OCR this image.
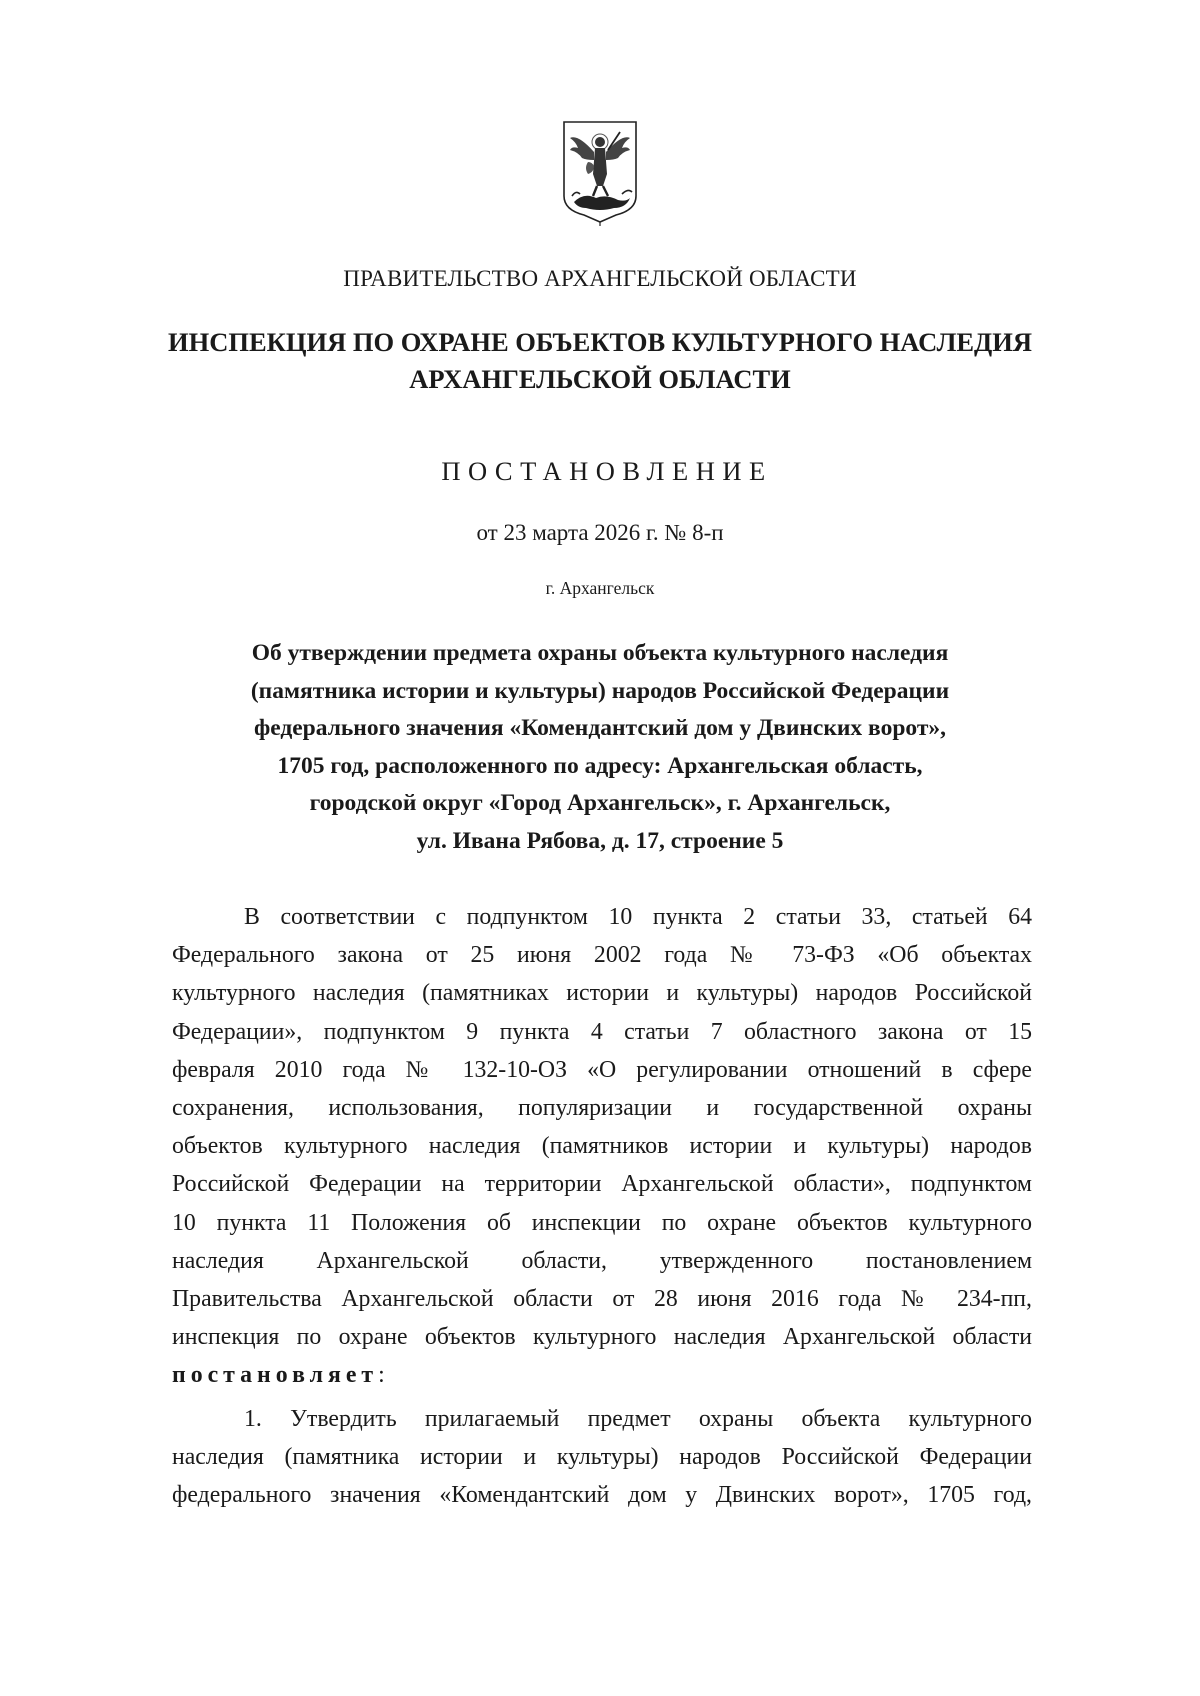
ПРАВИТЕЛЬСТВО АРХАНГЕЛЬСКОЙ ОБЛАСТИ
ИНСПЕКЦИЯ ПО ОХРАНЕ ОБЪЕКТОВ КУЛЬТУРНОГО НАСЛЕДИЯ
АРХАНГЕЛЬСКОЙ ОБЛАСТИ
ПОСТАНОВЛЕНИЕ
от 23 марта 2026 г. № 8-п
г. Архангельск
Об утверждении предмета охраны объекта культурного наследия
(памятника истории и культуры) народов Российской Федерации
федерального значения «Комендантский дом у Двинских ворот»,
1705 год, расположенного по адресу: Архангельская область,
городской округ «Город Архангельск», г. Архангельск,
ул. Ивана Рябова, д. 17, строение 5
В соответствии с подпунктом 10 пункта 2 статьи 33, статьей 64
Федерального закона от 25 июня 2002 года № 73-ФЗ «Об объектах
культурного наследия (памятниках истории и культуры) народов Российской
Федерации», подпунктом 9 пункта 4 статьи 7 областного закона от 15
февраля 2010 года № 132-10-ОЗ «О регулировании отношений в сфере
сохранения, использования, популяризации и государственной охраны
объектов культурного наследия (памятников истории и культуры) народов
Российской Федерации на территории Архангельской области», подпунктом
10 пункта 11 Положения об инспекции по охране объектов культурного
наследия Архангельской области, утвержденного постановлением
Правительства Архангельской области от 28 июня 2016 года № 234-пп,
инспекция по охране объектов культурного наследия Архангельской области
постановляет:
1. Утвердить прилагаемый предмет охраны объекта культурного
наследия (памятника истории и культуры) народов Российской Федерации
федерального значения «Комендантский дом у Двинских ворот», 1705 год,
